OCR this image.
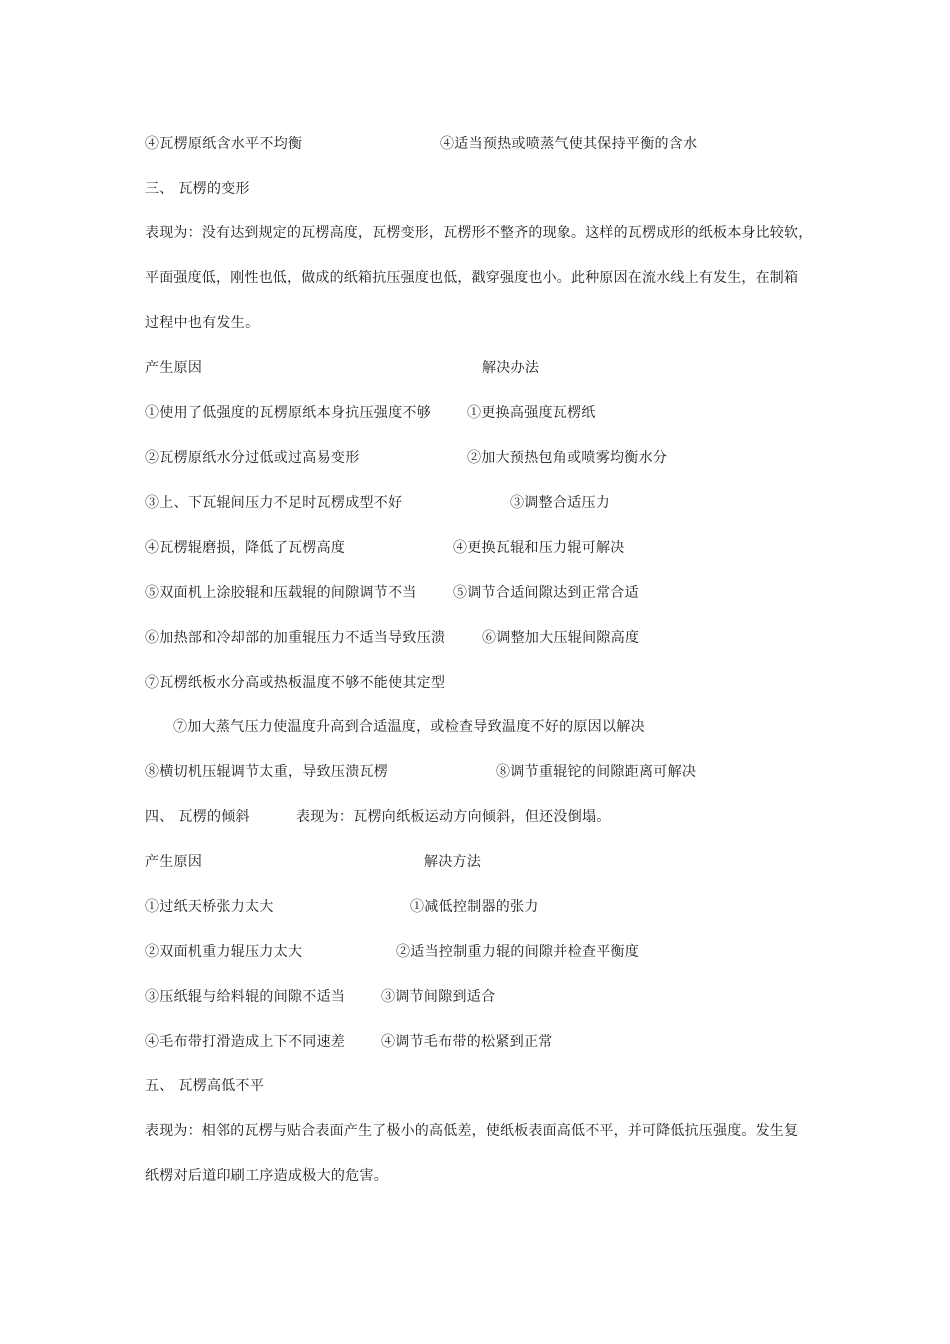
④瓦楞原纸含水平不均衡	④适当预热或喷蒸气使其保持平衡的含水
三、 瓦楞的变形
表现为：没有达到规定的瓦楞高度，瓦楞变形，瓦楞形不整齐的现象。这样的瓦楞成形的纸板本身比较软，
平面强度低，刚性也低，做成的纸箱抗压强度也低，戳穿强度也小。此种原因在流水线上有发生，在制箱
过程中也有发生。
产生原因	解决办法
①使用了低强度的瓦楞原纸本身抗压强度不够	①更换高强度瓦楞纸
②瓦楞原纸水分过低或过高易变形	②加大预热包角或喷雾均衡水分
③上、下瓦辊间压力不足时瓦楞成型不好	③调整合适压力
④瓦楞辊磨损，降低了瓦楞高度	④更换瓦辊和压力辊可解决
⑤双面机上涂胶辊和压载辊的间隙调节不当	⑤调节合适间隙达到正常合适
⑥加热部和冷却部的加重辊压力不适当导致压溃	⑥调整加大压辊间隙高度
⑦瓦楞纸板水分高或热板温度不够不能使其定型
⑦加大蒸气压力使温度升高到合适温度，或检查导致温度不好的原因以解决
⑧横切机压辊调节太重，导致压溃瓦楞	⑧调节重辊铊的间隙距离可解决
四、 瓦楞的倾斜	表现为：瓦楞向纸板运动方向倾斜，但还没倒塌。
产生原因	解决方法
①过纸天桥张力太大	①减低控制器的张力
②双面机重力辊压力太大	②适当控制重力辊的间隙并检查平衡度
③压纸辊与给料辊的间隙不适当	③调节间隙到适合
④毛布带打滑造成上下不同速差	④调节毛布带的松紧到正常
五、 瓦楞高低不平
表现为：相邻的瓦楞与贴合表面产生了极小的高低差，使纸板表面高低不平，并可降低抗压强度。发生复
纸楞对后道印刷工序造成极大的危害。
